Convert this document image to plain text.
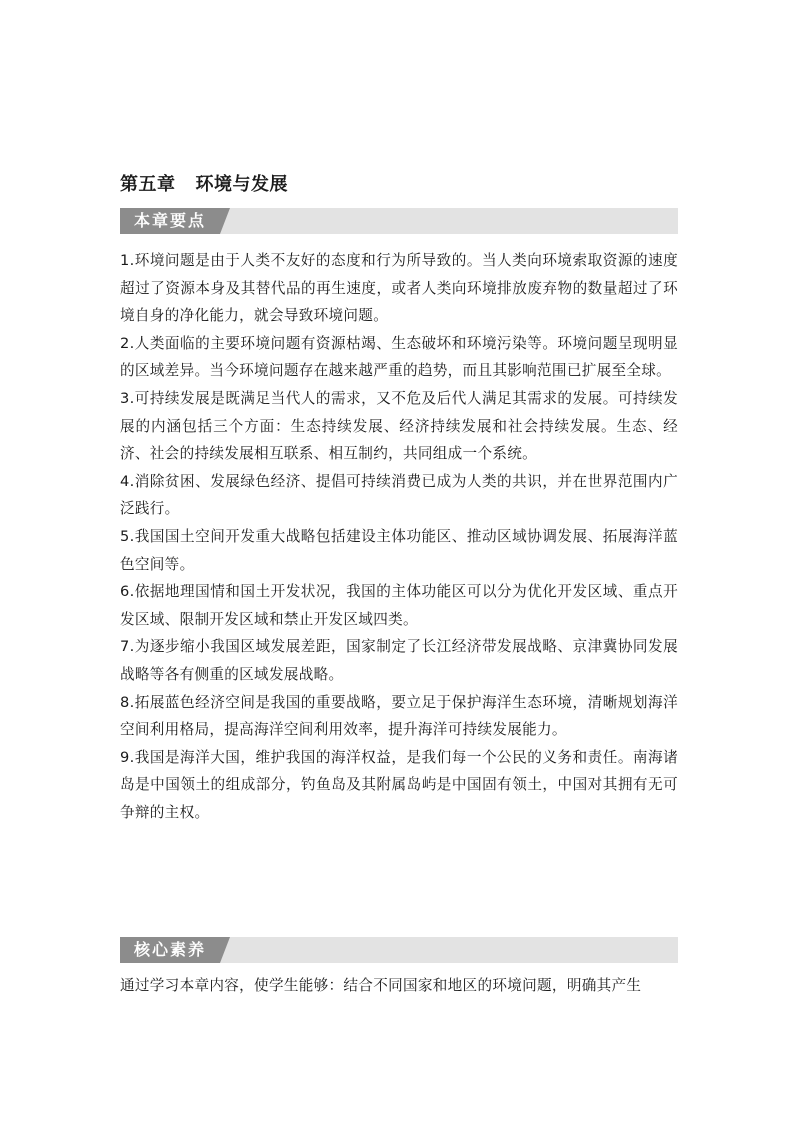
第五章 环境与发展
本章要点

1.环境问题是由于人类不友好的态度和行为所导致的。当人类向环境索取资源的速度超过了资源本身及其替代品的再生速度，或者人类向环境排放废弃物的数量超过了环境自身的净化能力，就会导致环境问题。

2.人类面临的主要环境问题有资源枯竭、生态破坏和环境污染等。环境问题呈现明显的区域差异。当今环境问题存在越来越严重的趋势，而且其影响范围已扩展至全球。

3.可持续发展是既满足当代人的需求，又不危及后代人满足其需求的发展。可持续发展的内涵包括三个方面：生态持续发展、经济持续发展和社会持续发展。生态、经济、社会的持续发展相互联系、相互制约，共同组成一个系统。

4.消除贫困、发展绿色经济、提倡可持续消费已成为人类的共识，并在世界范围内广泛践行。

5.我国国土空间开发重大战略包括建设主体功能区、推动区域协调发展、拓展海洋蓝色空间等。

6.依据地理国情和国土开发状况，我国的主体功能区可以分为优化开发区域、重点开发区域、限制开发区域和禁止开发区域四类。

7.为逐步缩小我国区域发展差距，国家制定了长江经济带发展战略、京津冀协同发展战略等各有侧重的区域发展战略。

8.拓展蓝色经济空间是我国的重要战略，要立足于保护海洋生态环境，清晰规划海洋空间利用格局，提高海洋空间利用效率，提升海洋可持续发展能力。

9.我国是海洋大国，维护我国的海洋权益，是我们每一个公民的义务和责任。南海诸岛是中国领土的组成部分，钓鱼岛及其附属岛屿是中国固有领土，中国对其拥有无可争辩的主权。

核心素养

通过学习本章内容，使学生能够：结合不同国家和地区的环境问题，明确其产生
